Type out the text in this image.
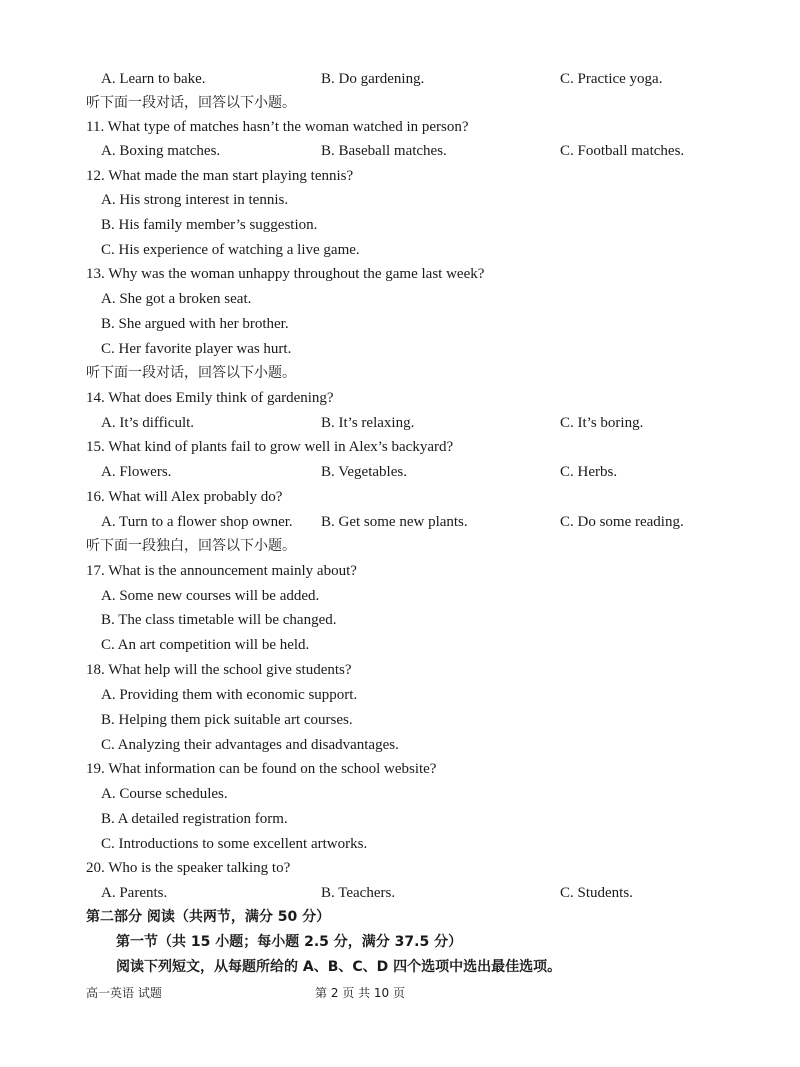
A. Learn to bake.	B. Do gardening.	C. Practice yoga.
听下面一段对话，回答以下小题。
11. What type of matches hasn’t the woman watched in person?
A. Boxing matches.	B. Baseball matches.	C. Football matches.
12. What made the man start playing tennis?
A. His strong interest in tennis.
B. His family member’s suggestion.
C. His experience of watching a live game.
13. Why was the woman unhappy throughout the game last week?
A. She got a broken seat.
B. She argued with her brother.
C. Her favorite player was hurt.
听下面一段对话，回答以下小题。
14. What does Emily think of gardening?
A. It’s difficult.	B. It’s relaxing.	C. It’s boring.
15. What kind of plants fail to grow well in Alex’s backyard?
A. Flowers.	B. Vegetables.	C. Herbs.
16. What will Alex probably do?
A. Turn to a flower shop owner. B. Get some new plants.	C. Do some reading.
听下面一段独白，回答以下小题。
17. What is the announcement mainly about?
A. Some new courses will be added.
B. The class timetable will be changed.
C. An art competition will be held.
18. What help will the school give students?
A. Providing them with economic support.
B. Helping them pick suitable art courses.
C. Analyzing their advantages and disadvantages.
19. What information can be found on the school website?
A. Course schedules.
B. A detailed registration form.
C. Introductions to some excellent artworks.
20. Who is the speaker talking to?
A. Parents.	B. Teachers.	C. Students.
第二部分 阅读（共两节，满分 50 分）
第一节（共 15 小题；每小题 2.5 分，满分 37.5 分）
阅读下列短文，从每题所给的 A、B、C、D 四个选项中选出最佳选项。
高一英语 试题	第 2 页 共 10 页
